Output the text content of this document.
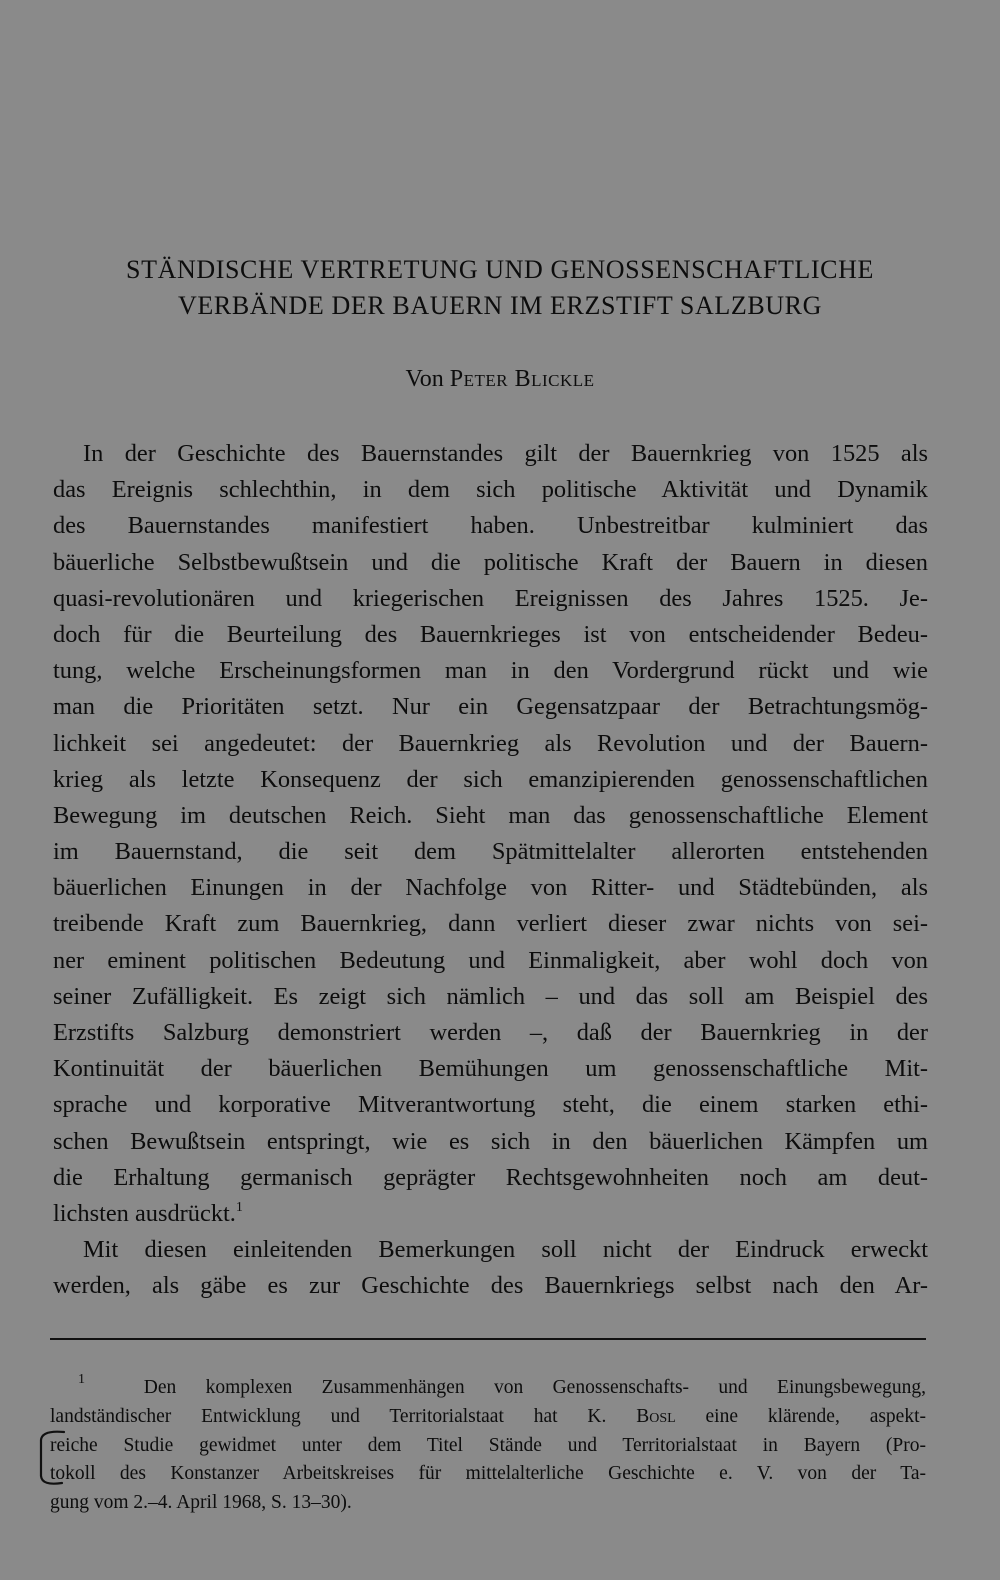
STÄNDISCHE VERTRETUNG UND GENOSSENSCHAFTLICHE
VERBÄNDE DER BAUERN IM ERZSTIFT SALZBURG

Von Peter Blickle

In der Geschichte des Bauernstandes gilt der Bauernkrieg von 1525 als
das Ereignis schlechthin, in dem sich politische Aktivität und Dynamik
des Bauernstandes manifestiert haben. Unbestreitbar kulminiert das
bäuerliche Selbstbewußtsein und die politische Kraft der Bauern in diesen
quasi-revolutionären und kriegerischen Ereignissen des Jahres 1525. Je-
doch für die Beurteilung des Bauernkrieges ist von entscheidender Bedeu-
tung, welche Erscheinungsformen man in den Vordergrund rückt und wie
man die Prioritäten setzt. Nur ein Gegensatzpaar der Betrachtungsmög-
lichkeit sei angedeutet: der Bauernkrieg als Revolution und der Bauern-
krieg als letzte Konsequenz der sich emanzipierenden genossenschaftlichen
Bewegung im deutschen Reich. Sieht man das genossenschaftliche Element
im Bauernstand, die seit dem Spätmittelalter allerorten entstehenden
bäuerlichen Einungen in der Nachfolge von Ritter- und Städtebünden, als
treibende Kraft zum Bauernkrieg, dann verliert dieser zwar nichts von sei-
ner eminent politischen Bedeutung und Einmaligkeit, aber wohl doch von
seiner Zufälligkeit. Es zeigt sich nämlich – und das soll am Beispiel des
Erzstifts Salzburg demonstriert werden –, daß der Bauernkrieg in der
Kontinuität der bäuerlichen Bemühungen um genossenschaftliche Mit-
sprache und korporative Mitverantwortung steht, die einem starken ethi-
schen Bewußtsein entspringt, wie es sich in den bäuerlichen Kämpfen um
die Erhaltung germanisch geprägter Rechtsgewohnheiten noch am deut-
lichsten ausdrückt.$^1$

Mit diesen einleitenden Bemerkungen soll nicht der Eindruck erweckt
werden, als gäbe es zur Geschichte des Bauernkriegs selbst nach den Ar-

$^1$	Den komplexen Zusammenhängen von Genossenschafts- und Einungsbewegung,
landständischer Entwicklung und Territorialstaat hat K. Bosl eine klärende, aspekt-
reiche Studie gewidmet unter dem Titel Stände und Territorialstaat in Bayern (Pro-
tokoll des Konstanzer Arbeitskreises für mittelalterliche Geschichte e. V. von der Ta-
gung vom 2.–4. April 1968, S. 13–30).
